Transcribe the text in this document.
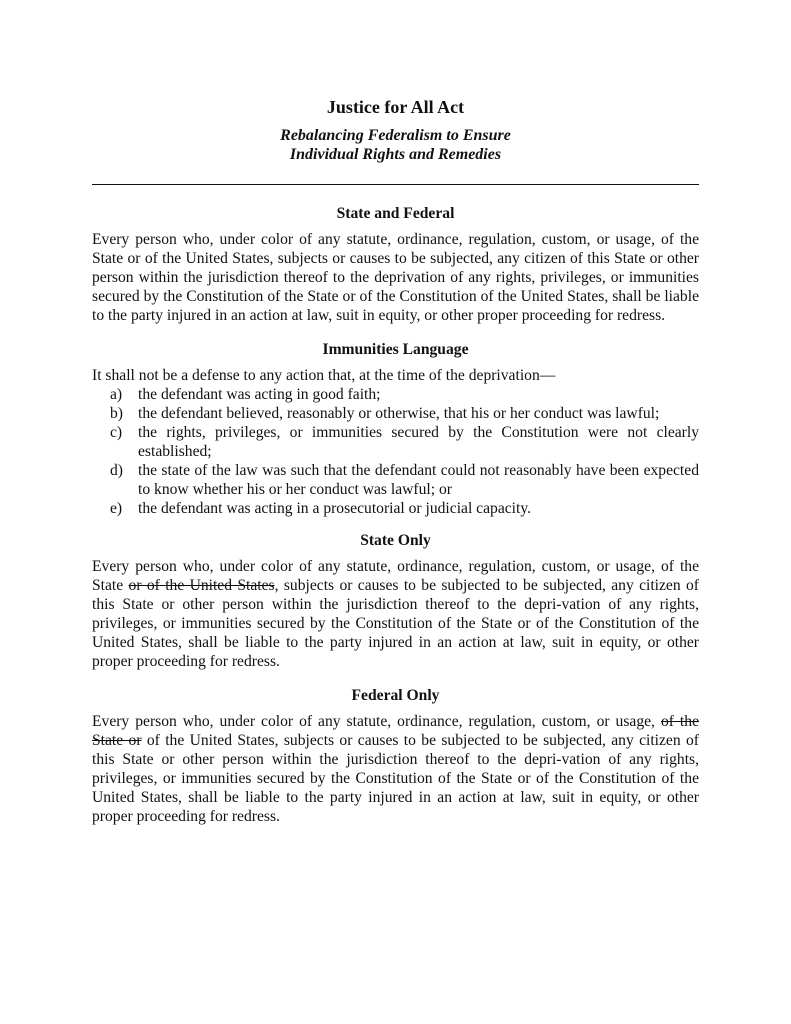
Justice for All Act
Rebalancing Federalism to Ensure
Individual Rights and Remedies
State and Federal

Every person who, under color of any statute, ordinance, regulation, custom, or usage, of the State or of the United States, subjects or causes to be subjected, any citizen of this State or other person within the jurisdiction thereof to the deprivation of any rights, privileges, or immunities secured by the Constitution of the State or of the Constitution of the United States, shall be liable to the party injured in an action at law, suit in equity, or other proper proceeding for redress.

Immunities Language

It shall not be a defense to any action that, at the time of the deprivation—

a) the defendant was acting in good faith;
b) the defendant believed, reasonably or otherwise, that his or her conduct was lawful;
c) the rights, privileges, or immunities secured by the Constitution were not clearly established;
d) the state of the law was such that the defendant could not reasonably have been expected to know whether his or her conduct was lawful; or
e) the defendant was acting in a prosecutorial or judicial capacity.
State Only

Every person who, under color of any statute, ordinance, regulation, custom, or usage, of the State or of the United States, subjects or causes to be subjected to be subjected, any citizen of this State or other person within the jurisdiction thereof to the depri-vation of any rights, privileges, or immunities secured by the Constitution of the State or of the Constitution of the United States, shall be liable to the party injured in an action at law, suit in equity, or other proper proceeding for redress.

Federal Only

Every person who, under color of any statute, ordinance, regulation, custom, or usage, of the State or of the United States, subjects or causes to be subjected to be subjected, any citizen of this State or other person within the jurisdiction thereof to the depri-vation of any rights, privileges, or immunities secured by the Constitution of the State or of the Constitution of the United States, shall be liable to the party injured in an action at law, suit in equity, or other proper proceeding for redress.
